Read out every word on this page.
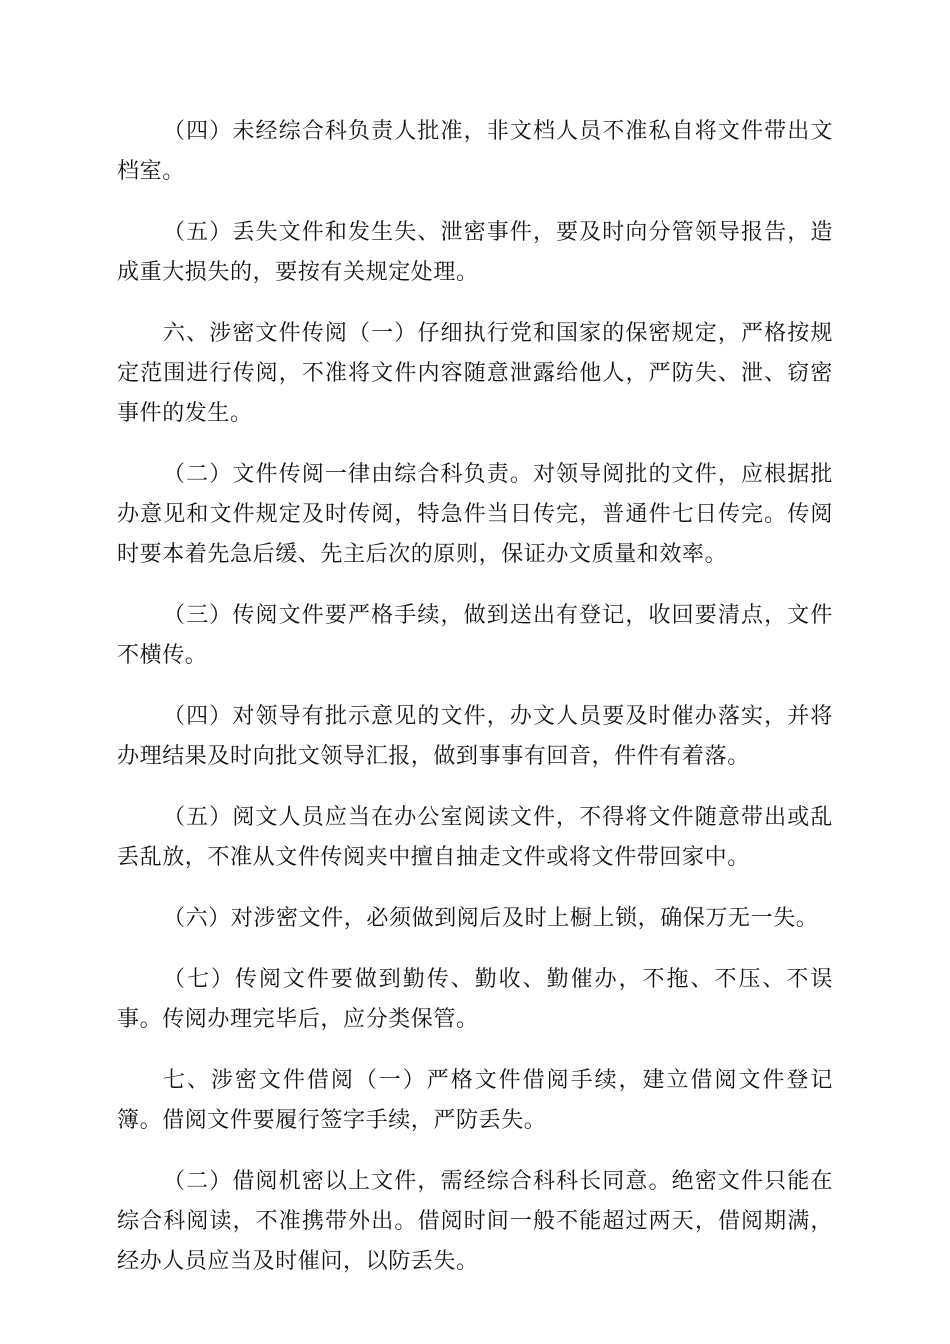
（四）未经综合科负责人批准，非文档人员不准私自将文件带出文档室。

（五）丢失文件和发生失、泄密事件，要及时向分管领导报告，造成重大损失的，要按有关规定处理。

六、涉密文件传阅（一）仔细执行党和国家的保密规定，严格按规定范围进行传阅，不准将文件内容随意泄露给他人，严防失、泄、窃密事件的发生。

（二）文件传阅一律由综合科负责。对领导阅批的文件，应根据批办意见和文件规定及时传阅，特急件当日传完，普通件七日传完。传阅时要本着先急后缓、先主后次的原则，保证办文质量和效率。

（三）传阅文件要严格手续，做到送出有登记，收回要清点，文件不横传。

（四）对领导有批示意见的文件，办文人员要及时催办落实，并将办理结果及时向批文领导汇报，做到事事有回音，件件有着落。

（五）阅文人员应当在办公室阅读文件，不得将文件随意带出或乱丢乱放，不准从文件传阅夹中擅自抽走文件或将文件带回家中。

（六）对涉密文件，必须做到阅后及时上橱上锁，确保万无一失。

（七）传阅文件要做到勤传、勤收、勤催办，不拖、不压、不误事。传阅办理完毕后，应分类保管。

七、涉密文件借阅（一）严格文件借阅手续，建立借阅文件登记簿。借阅文件要履行签字手续，严防丢失。

（二）借阅机密以上文件，需经综合科科长同意。绝密文件只能在综合科阅读，不准携带外出。借阅时间一般不能超过两天，借阅期满，经办人员应当及时催问，以防丢失。
